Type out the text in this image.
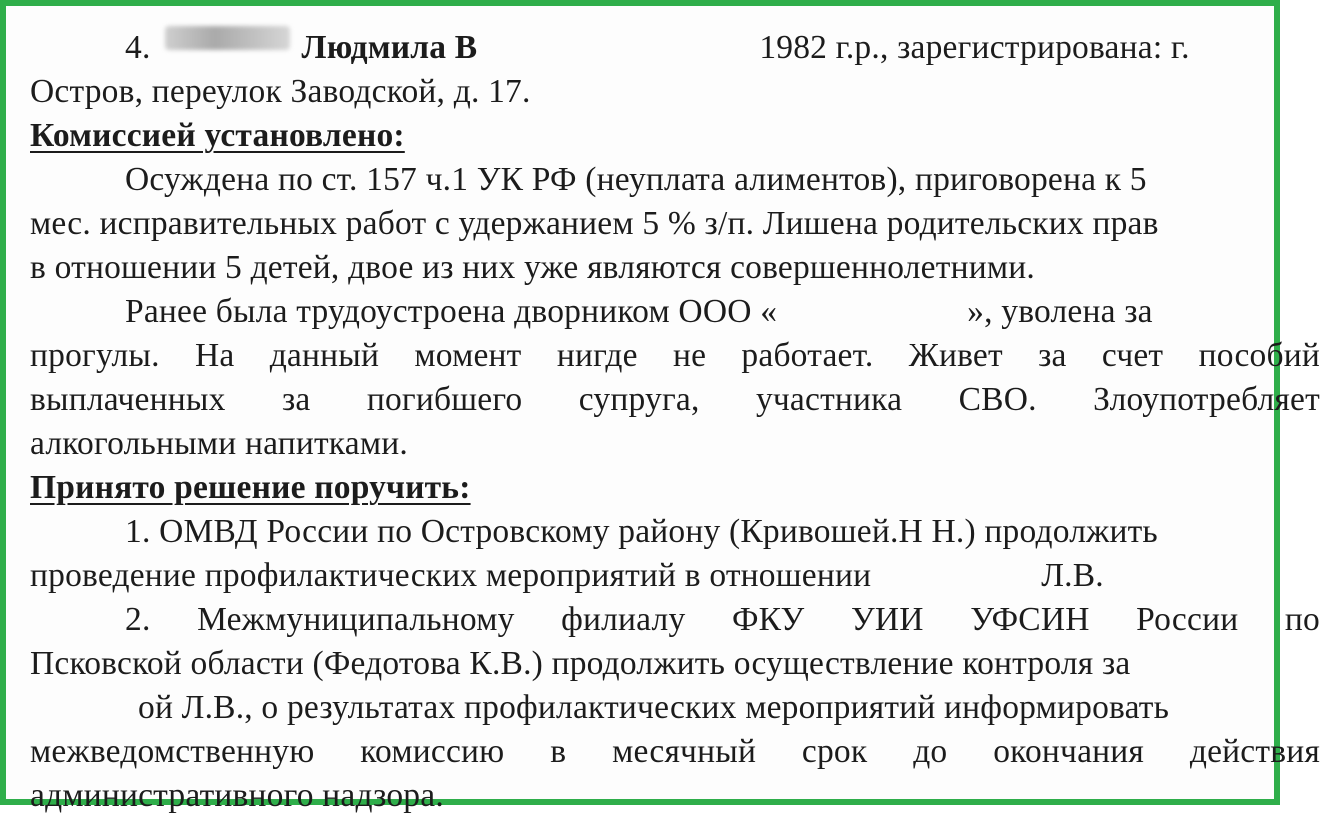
4.	Людмила В	1982 г.р., зарегистрирована: г.
Остров, переулок Заводской, д. 17.
Комиссией установлено:
Осуждена по ст. 157 ч.1 УК РФ (неуплата алиментов), приговорена к 5
мес. исправительных работ с удержанием 5 % з/п. Лишена родительских прав
в отношении 5 детей, двое из них уже являются совершеннолетними.
Ранее была трудоустроена дворником ООО «	», уволена за
прогулы. На данный момент нигде не работает. Живет за счет пособий
выплаченных за погибшего супруга, участника СВО. Злоупотребляет
алкогольными напитками.
Принято решение поручить:
1. ОМВД России по Островскому району (Кривошей.Н Н.) продолжить
проведение профилактических мероприятий в отношении	Л.В.
2. Межмуниципальному филиалу ФКУ УИИ УФСИН России по
Псковской области (Федотова К.В.) продолжить осуществление контроля за
ой Л.В., о результатах профилактических мероприятий информировать
межведомственную комиссию в месячный срок до окончания действия
административного надзора.
